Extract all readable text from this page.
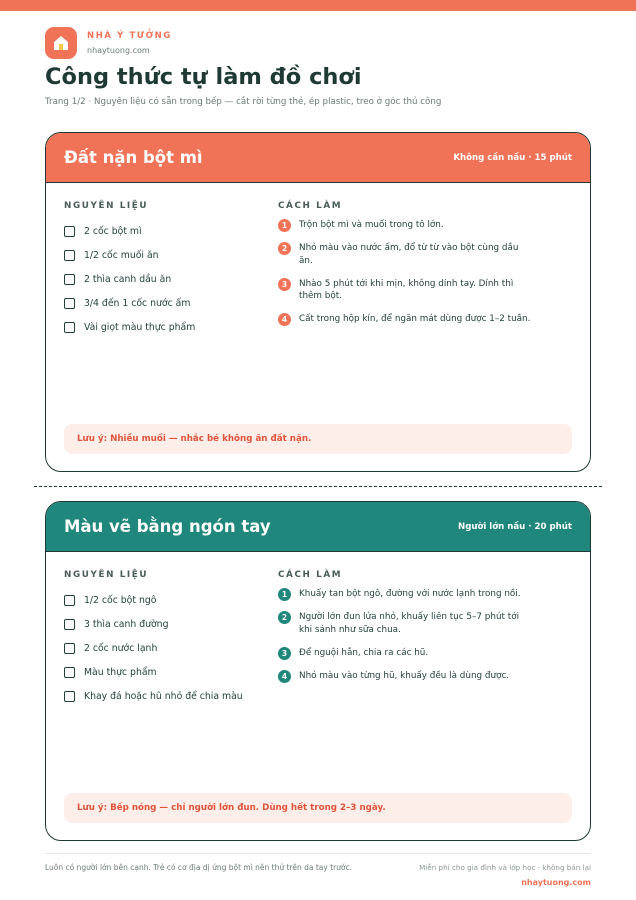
NHÀ Ý TƯỞNG
nhaytuong.com
Công thức tự làm đồ chơi
Trang 1/2 · Nguyên liệu có sẵn trong bếp — cắt rời từng thẻ, ép plastic, treo ở góc thủ công
Đất nặn bột mì	Không cần nấu · 15 phút
NGUYÊN LIỆU
2 cốc bột mì
1/2 cốc muối ăn
2 thìa canh dầu ăn
3/4 đến 1 cốc nước ấm
Vài giọt màu thực phẩm
CÁCH LÀM
1	Trộn bột mì và muối trong tô lớn.
2	Nhỏ màu vào nước ấm, đổ từ từ vào bột cùng dầu ăn.
3	Nhào 5 phút tới khi mịn, không dính tay. Dính thì thêm bột.
4	Cất trong hộp kín, để ngăn mát dùng được 1–2 tuần.
Lưu ý: Nhiều muối — nhắc bé không ăn đất nặn.
Màu vẽ bằng ngón tay	Người lớn nấu · 20 phút
NGUYÊN LIỆU
1/2 cốc bột ngô
3 thìa canh đường
2 cốc nước lạnh
Màu thực phẩm
Khay đá hoặc hũ nhỏ để chia màu
CÁCH LÀM
1	Khuấy tan bột ngô, đường với nước lạnh trong nồi.
2	Người lớn đun lửa nhỏ, khuấy liên tục 5–7 phút tới khi sánh như sữa chua.
3	Để nguội hẳn, chia ra các hũ.
4	Nhỏ màu vào từng hũ, khuấy đều là dùng được.
Lưu ý: Bếp nóng — chỉ người lớn đun. Dùng hết trong 2–3 ngày.
Luôn có người lớn bên cạnh. Trẻ có cơ địa dị ứng bột mì nên thử trên da tay trước.	Miễn phí cho gia đình và lớp học · không bán lại
nhaytuong.com
